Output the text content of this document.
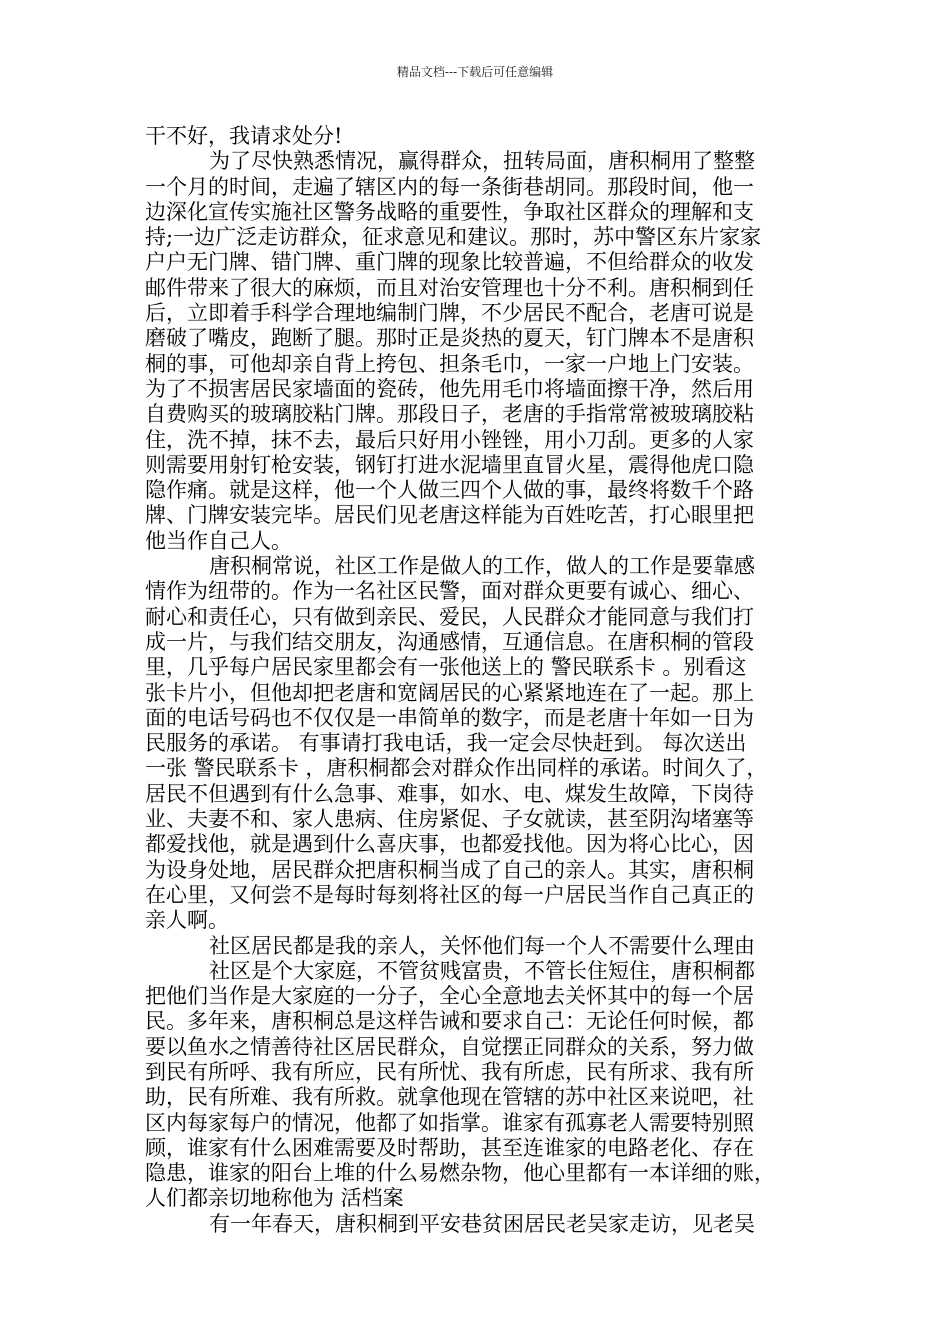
精品文档---下载后可任意编辑
干不好，我请求处分!
为了尽快熟悉情况，赢得群众，扭转局面，唐积桐用了整整
一个月的时间，走遍了辖区内的每一条街巷胡同。那段时间，他一
边深化宣传实施社区警务战略的重要性，争取社区群众的理解和支
持;一边广泛走访群众，征求意见和建议。那时，苏中警区东片家家
户户无门牌、错门牌、重门牌的现象比较普遍，不但给群众的收发
邮件带来了很大的麻烦，而且对治安管理也十分不利。唐积桐到任
后，立即着手科学合理地编制门牌，不少居民不配合，老唐可说是
磨破了嘴皮，跑断了腿。那时正是炎热的夏天，钉门牌本不是唐积
桐的事，可他却亲自背上挎包、担条毛巾，一家一户地上门安装。
为了不损害居民家墙面的瓷砖，他先用毛巾将墙面擦干净，然后用
自费购买的玻璃胶粘门牌。那段日子，老唐的手指常常被玻璃胶粘
住，洗不掉，抹不去，最后只好用小锉锉，用小刀刮。更多的人家
则需要用射钉枪安装，钢钉打进水泥墙里直冒火星，震得他虎口隐
隐作痛。就是这样，他一个人做三四个人做的事，最终将数千个路
牌、门牌安装完毕。居民们见老唐这样能为百姓吃苦，打心眼里把
他当作自己人。
唐积桐常说，社区工作是做人的工作，做人的工作是要靠感
情作为纽带的。作为一名社区民警，面对群众更要有诚心、细心、
耐心和责任心，只有做到亲民、爱民，人民群众才能同意与我们打
成一片，与我们结交朋友，沟通感情，互通信息。在唐积桐的管段
里，几乎每户居民家里都会有一张他送上的 警民联系卡 。别看这
张卡片小，但他却把老唐和宽阔居民的心紧紧地连在了一起。那上
面的电话号码也不仅仅是一串简单的数字，而是老唐十年如一日为
民服务的承诺。 有事请打我电话，我一定会尽快赶到。 每次送出
一张 警民联系卡 ，唐积桐都会对群众作出同样的承诺。时间久了，
居民不但遇到有什么急事、难事，如水、电、煤发生故障，下岗待
业、夫妻不和、家人患病、住房紧促、子女就读，甚至阴沟堵塞等
都爱找他，就是遇到什么喜庆事，也都爱找他。因为将心比心，因
为设身处地，居民群众把唐积桐当成了自己的亲人。其实，唐积桐
在心里，又何尝不是每时每刻将社区的每一户居民当作自己真正的
亲人啊。
社区居民都是我的亲人，关怀他们每一个人不需要什么理由
社区是个大家庭，不管贫贱富贵，不管长住短住，唐积桐都
把他们当作是大家庭的一分子，全心全意地去关怀其中的每一个居
民。多年来，唐积桐总是这样告诫和要求自己：无论任何时候，都
要以鱼水之情善待社区居民群众，自觉摆正同群众的关系，努力做
到民有所呼、我有所应，民有所忧、我有所虑，民有所求、我有所
助，民有所难、我有所救。就拿他现在管辖的苏中社区来说吧，社
区内每家每户的情况，他都了如指掌。谁家有孤寡老人需要特别照
顾，谁家有什么困难需要及时帮助，甚至连谁家的电路老化、存在
隐患，谁家的阳台上堆的什么易燃杂物，他心里都有一本详细的账，
人们都亲切地称他为 活档案
有一年春天，唐积桐到平安巷贫困居民老吴家走访，见老吴
